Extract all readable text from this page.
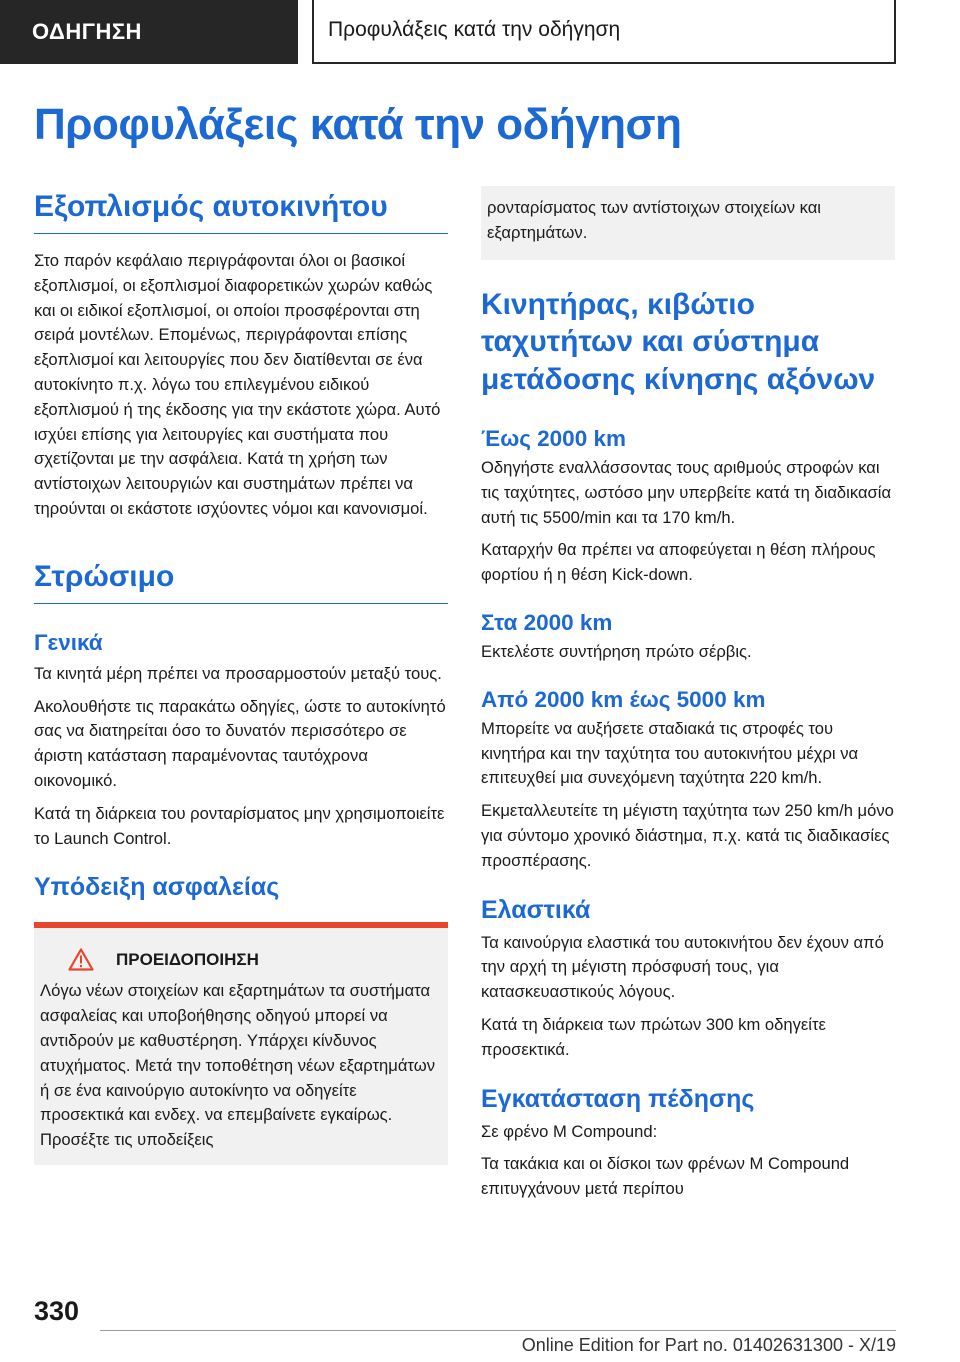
ΟΔΗΓΗΣΗ	Προφυλάξεις κατά την οδήγηση
Προφυλάξεις κατά την οδήγηση
Εξοπλισμός αυτοκινήτου

Στο παρόν κεφάλαιο περιγράφονται όλοι οι βασικοί εξοπλισμοί, οι εξοπλισμοί διαφορετικών χωρών καθώς και οι ειδικοί εξοπλισμοί, οι οποίοι προσφέρονται στη σειρά μοντέλων. Επομένως, περιγράφονται επίσης εξοπλισμοί και λειτουργίες που δεν διατίθενται σε ένα αυτοκίνητο π.χ. λόγω του επιλεγμένου ειδικού εξοπλισμού ή της έκδοσης για την εκάστοτε χώρα. Αυτό ισχύει επίσης για λειτουργίες και συστήματα που σχετίζονται με την ασφάλεια. Κατά τη χρήση των αντίστοιχων λειτουργιών και συστημάτων πρέπει να τηρούνται οι εκάστοτε ισχύοντες νόμοι και κανονισμοί.

Στρώσιμο
Γενικά

Τα κινητά μέρη πρέπει να προσαρμοστούν μεταξύ τους.

Ακολουθήστε τις παρακάτω οδηγίες, ώστε το αυτοκίνητό σας να διατηρείται όσο το δυνατόν περισσότερο σε άριστη κατάσταση παραμένοντας ταυτόχρονα οικονομικό.

Κατά τη διάρκεια του ρονταρίσματος μην χρησιμοποιείτε το Launch Control.

Υπόδειξη ασφαλείας
ΠΡΟΕΙΔΟΠΟΙΗΣΗ

Λόγω νέων στοιχείων και εξαρτημάτων τα συστήματα ασφαλείας και υποβοήθησης οδηγού μπορεί να αντιδρούν με καθυστέρηση. Υπάρχει κίνδυνος ατυχήματος. Μετά την τοποθέτηση νέων εξαρτημάτων ή σε ένα καινούργιο αυτοκίνητο να οδηγείτε προσεκτικά και ενδεχ. να επεμβαίνετε εγκαίρως. Προσέξτε τις υποδείξεις

ρονταρίσματος των αντίστοιχων στοιχείων και εξαρτημάτων.

Κινητήρας, κιβώτιο ταχυτήτων και σύστημα μετάδοσης κίνησης αξόνων
Έως 2000 km

Οδηγήστε εναλλάσσοντας τους αριθμούς στροφών και τις ταχύτητες, ωστόσο μην υπερβείτε κατά τη διαδικασία αυτή τις 5500/min και τα 170 km/h.

Καταρχήν θα πρέπει να αποφεύγεται η θέση πλήρους φορτίου ή η θέση Kick-down.

Στα 2000 km

Εκτελέστε συντήρηση πρώτο σέρβις.

Από 2000 km έως 5000 km

Μπορείτε να αυξήσετε σταδιακά τις στροφές του κινητήρα και την ταχύτητα του αυτοκινήτου μέχρι να επιτευχθεί μια συνεχόμενη ταχύτητα 220 km/h.

Εκμεταλλευτείτε τη μέγιστη ταχύτητα των 250 km/h μόνο για σύντομο χρονικό διάστημα, π.χ. κατά τις διαδικασίες προσπέρασης.

Ελαστικά

Τα καινούργια ελαστικά του αυτοκινήτου δεν έχουν από την αρχή τη μέγιστη πρόσφυσή τους, για κατασκευαστικούς λόγους.

Κατά τη διάρκεια των πρώτων 300 km οδηγείτε προσεκτικά.

Εγκατάσταση πέδησης

Σε φρένο M Compound:

Τα τακάκια και οι δίσκοι των φρένων M Compound επιτυγχάνουν μετά περίπου

330
Online Edition for Part no. 01402631300 - X/19
